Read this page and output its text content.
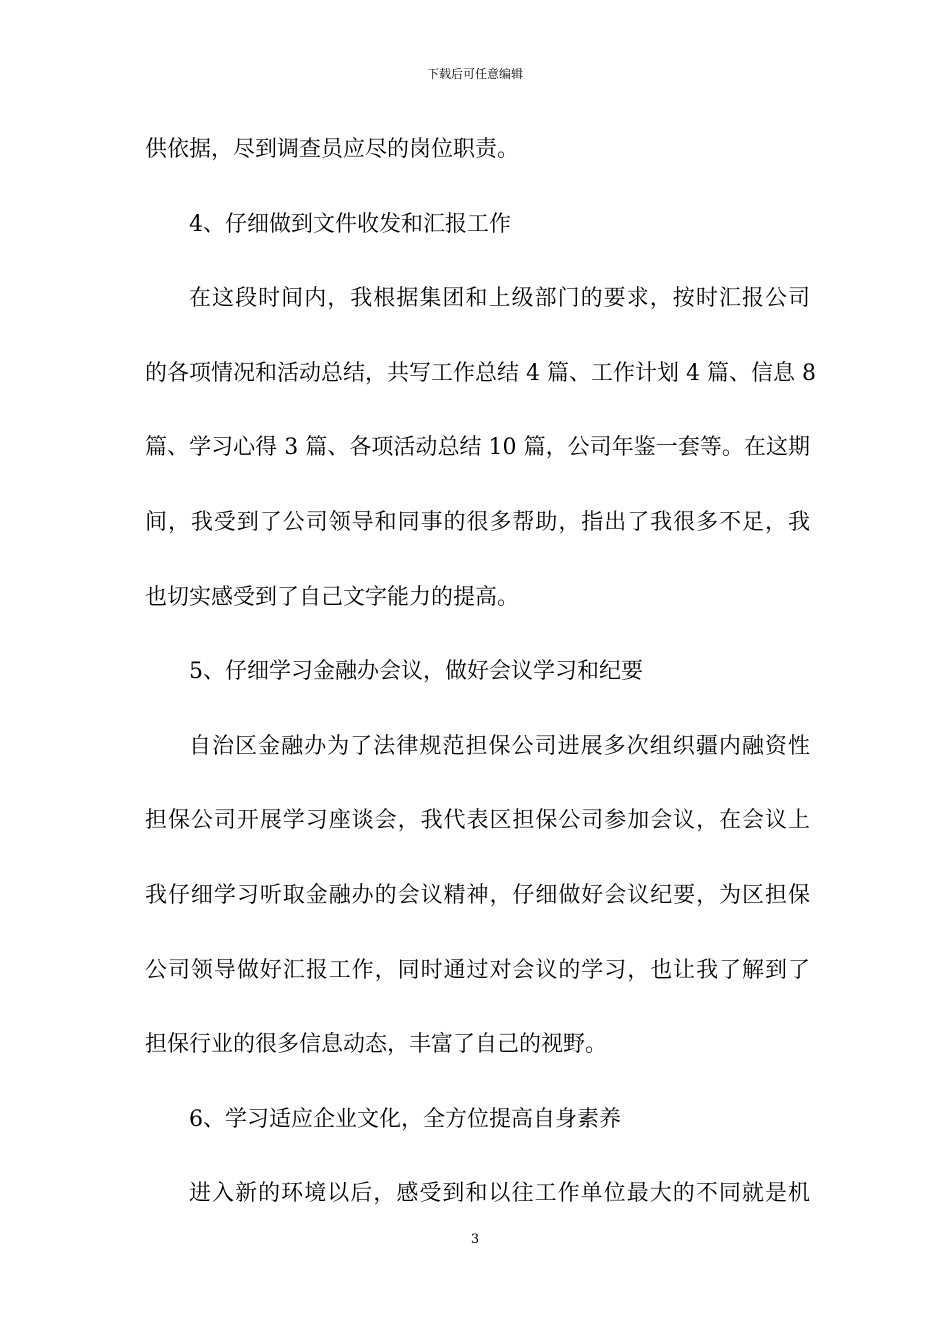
下载后可任意编辑
供依据，尽到调查员应尽的岗位职责。
4、仔细做到文件收发和汇报工作
在这段时间内，我根据集团和上级部门的要求，按时汇报公司
的各项情况和活动总结，共写工作总结 4 篇、工作计划 4 篇、信息 8
篇、学习心得 3 篇、各项活动总结 10 篇，公司年鉴一套等。在这期
间，我受到了公司领导和同事的很多帮助，指出了我很多不足，我
也切实感受到了自己文字能力的提高。
5、仔细学习金融办会议，做好会议学习和纪要
自治区金融办为了法律规范担保公司进展多次组织疆内融资性
担保公司开展学习座谈会，我代表区担保公司参加会议，在会议上
我仔细学习听取金融办的会议精神，仔细做好会议纪要，为区担保
公司领导做好汇报工作，同时通过对会议的学习，也让我了解到了
担保行业的很多信息动态，丰富了自己的视野。
6、学习适应企业文化，全方位提高自身素养
进入新的环境以后，感受到和以往工作单位最大的不同就是机
3
